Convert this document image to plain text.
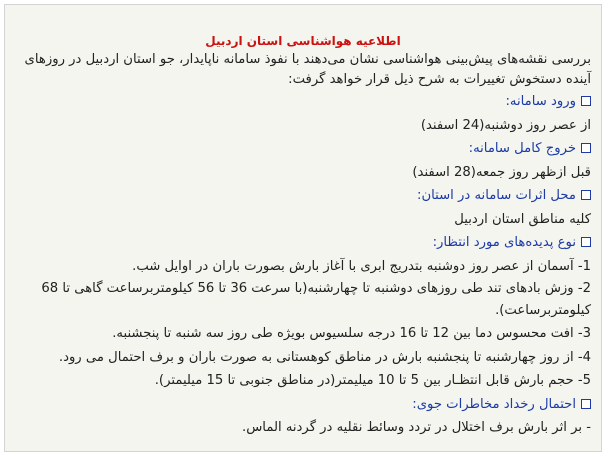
اطلاعیه هواشناسی استان اردبیل
بررسی نقشه‌های پیش‌بینی هواشناسی نشان می‌دهند با نفوذ سامانه ناپایدار، جو استان اردبیل در روزهای آینده دستخوش تغییرات به شرح ذیل قرار خواهد گرفت:
ورود سامانه:
از عصر روز دوشنبه(24 اسفند)
خروج کامل سامانه:
قبل ازظهر روز جمعه(28 اسفند)
محل اثرات سامانه در استان:
کلیه مناطق استان اردبیل
نوع پدیده‌های مورد انتظار:
1- آسمان از عصر روز دوشنبه بتدریج ابری با آغاز بارش بصورت باران در اوایل شب.
2- وزش بادهای تند طی روزهای دوشنبه تا چهارشنبه(با سرعت 36 تا 56 کیلومتربرساعت گاهی تا 68 کیلومتربرساعت).
3- افت محسوس دما بین 12 تا 16 درجه سلسیوس بویژه طی روز سه شنبه تا پنجشنبه.
4- از روز چهارشنبه تا پنجشنبه بارش در مناطق کوهستانی به صورت باران و برف احتمال می رود.
5- حجم بارش قابل انتظـار بین 5 تا 10 میلیمتر(در مناطق جنوبی تا 15 میلیمتر).
احتمال رخداد مخاطرات جوی:
- بر اثر بارش برف اختلال در تردد وسائط نقلیه در گردنه الماس.
